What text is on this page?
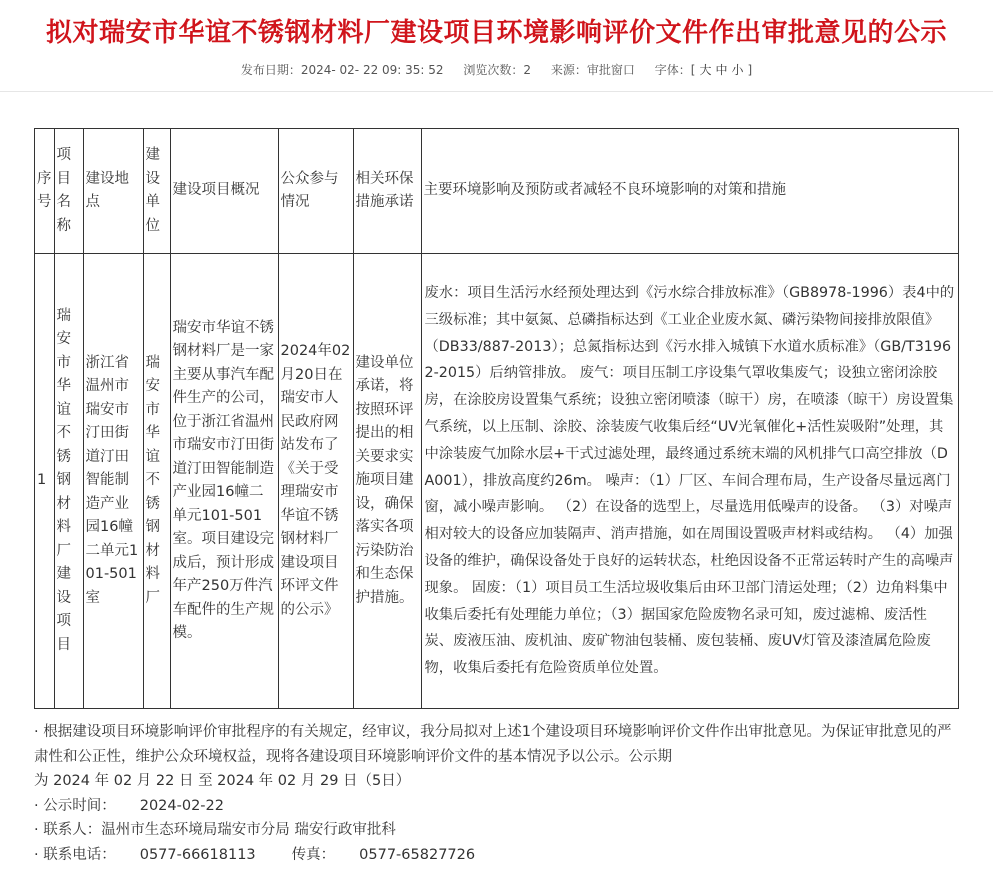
拟对瑞安市华谊不锈钢材料厂建设项目环境影响评价文件作出审批意见的公示
发布日期：2024- 02- 22 09: 35: 52 浏览次数：2 来源：审批窗口 字体：[ 大 中 小 ]
序号	项目名称	建设地点	建设单位	建设项目概况	公众参与情况	相关环保措施承诺	主要环境影响及预防或者减轻不良环境影响的对策和措施
1	瑞安市华谊不锈钢材料厂建设项目	浙江省温州市瑞安市汀田街道汀田智能制造产业园16幢二单元101-501室	瑞安市华谊不锈钢材料厂	瑞安市华谊不锈钢材料厂是一家主要从事汽车配件生产的公司，位于浙江省温州市瑞安市汀田街道汀田智能制造产业园16幢二单元101-501室。项目建设完成后，预计形成年产250万件汽车配件的生产规模。	2024年02月20日在瑞安市人民政府网站发布了《关于受理瑞安市华谊不锈钢材料厂建设项目环评文件的公示》	建设单位承诺，将按照环评提出的相关要求实施项目建设，确保落实各项污染防治和生态保护措施。	废水：项目生活污水经预处理达到《污水综合排放标准》（GB8978-1996）表4中的三级标准；其中氨氮、总磷指标达到《工业企业废水氮、磷污染物间接排放限值》（DB33/887-2013）；总氮指标达到《污水排入城镇下水道水质标准》（GB/T31962-2015）后纳管排放。 废气：项目压制工序设集气罩收集废气；设独立密闭涂胶房，在涂胶房设置集气系统；设独立密闭喷漆（晾干）房，在喷漆（晾干）房设置集气系统，以上压制、涂胶、涂装废气收集后经“UV光氧催化+活性炭吸附”处理，其中涂装废气加除水层+干式过滤处理，最终通过系统末端的风机排气口高空排放（DA001），排放高度约26m。 噪声：（1）厂区、车间合理布局，生产设备尽量远离门窗，减小噪声影响。 （2）在设备的选型上，尽量选用低噪声的设备。 （3）对噪声相对较大的设备应加装隔声、消声措施，如在周围设置吸声材料或结构。 （4）加强设备的维护，确保设备处于良好的运转状态，杜绝因设备不正常运转时产生的高噪声现象。 固废：（1）项目员工生活垃圾收集后由环卫部门清运处理；（2）边角料集中收集后委托有处理能力单位；（3）据国家危险废物名录可知，废过滤棉、废活性炭、废液压油、废机油、废矿物油包装桶、废包装桶、废UV灯管及漆渣属危险废物，收集后委托有危险资质单位处置。

· 根据建设项目环境影响评价审批程序的有关规定，经审议，我分局拟对上述1个建设项目环境影响评价文件作出审批意见。为保证审批意见的严肃性和公正性，维护公众环境权益，现将各建设项目环境影响评价文件的基本情况予以公示。公示期

为 2024 年 02 月 22 日 至 2024 年 02 月 29 日（5日）

· 公示时间： 2024-02-22

· 联系人：温州市生态环境局瑞安市分局 瑞安行政审批科

· 联系电话： 0577-66618113 传真： 0577-65827726
